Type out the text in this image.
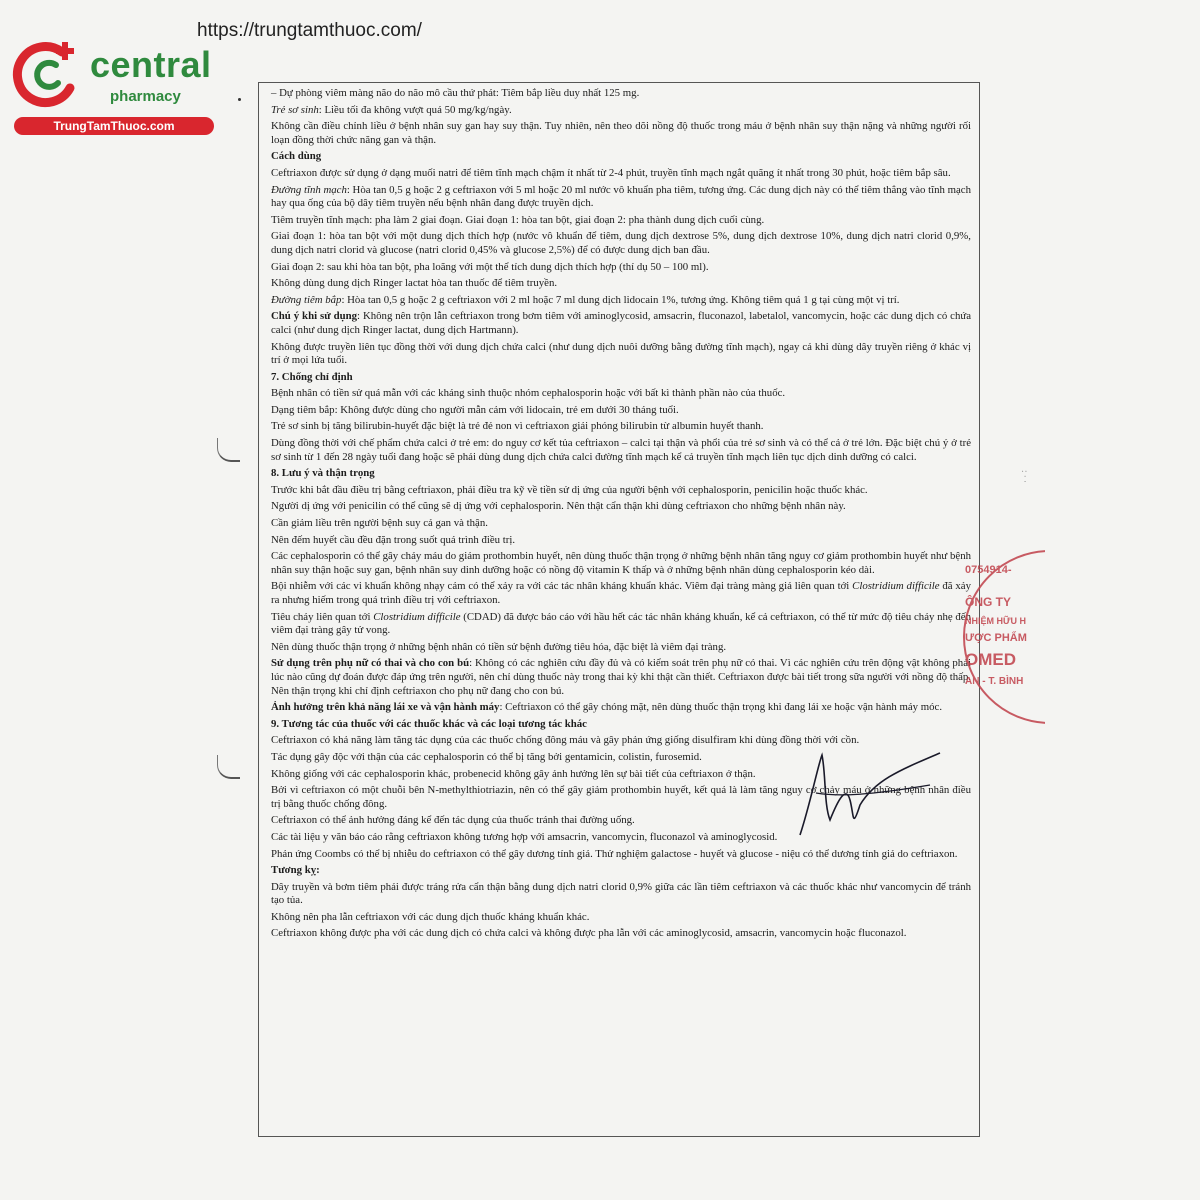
https://trungtamthuoc.com/
central
pharmacy
TrungTamThuoc.com

– Dự phòng viêm màng não do não mô cầu thứ phát: Tiêm bắp liều duy nhất 125 mg.

Trẻ sơ sinh: Liều tối đa không vượt quá 50 mg/kg/ngày.

Không cần điều chỉnh liều ở bệnh nhân suy gan hay suy thận. Tuy nhiên, nên theo dõi nồng độ thuốc trong máu ở bệnh nhân suy thận nặng và những người rối loạn đồng thời chức năng gan và thận.

Cách dùng

Ceftriaxon được sử dụng ở dạng muối natri để tiêm tĩnh mạch chậm ít nhất từ 2-4 phút, truyền tĩnh mạch ngắt quãng ít nhất trong 30 phút, hoặc tiêm bắp sâu.

Đường tĩnh mạch: Hòa tan 0,5 g hoặc 2 g ceftriaxon với 5 ml hoặc 20 ml nước vô khuẩn pha tiêm, tương ứng. Các dung dịch này có thể tiêm thẳng vào tĩnh mạch hay qua ống của bộ dây tiêm truyền nếu bệnh nhân đang được truyền dịch.

Tiêm truyền tĩnh mạch: pha làm 2 giai đoạn. Giai đoạn 1: hòa tan bột, giai đoạn 2: pha thành dung dịch cuối cùng.

Giai đoạn 1: hòa tan bột với một dung dịch thích hợp (nước vô khuẩn để tiêm, dung dịch dextrose 5%, dung dịch dextrose 10%, dung dịch natri clorid 0,9%, dung dịch natri clorid và glucose (natri clorid 0,45% và glucose 2,5%) để có được dung dịch ban đầu.

Giai đoạn 2: sau khi hòa tan bột, pha loãng với một thể tích dung dịch thích hợp (thí dụ 50 – 100 ml).

Không dùng dung dịch Ringer lactat hòa tan thuốc để tiêm truyền.

Đường tiêm bắp: Hòa tan 0,5 g hoặc 2 g ceftriaxon với 2 ml hoặc 7 ml dung dịch lidocain 1%, tương ứng. Không tiêm quá 1 g tại cùng một vị trí.

Chú ý khi sử dụng: Không nên trộn lẫn ceftriaxon trong bơm tiêm với aminoglycosid, amsacrin, fluconazol, labetalol, vancomycin, hoặc các dung dịch có chứa calci (như dung dịch Ringer lactat, dung dịch Hartmann).

Không được truyền liên tục đồng thời với dung dịch chứa calci (như dung dịch nuôi dưỡng bằng đường tĩnh mạch), ngay cả khi dùng dây truyền riêng ở khác vị trí ở mọi lứa tuổi.

7. Chống chỉ định

Bệnh nhân có tiền sử quá mẫn với các kháng sinh thuộc nhóm cephalosporin hoặc với bất kì thành phần nào của thuốc.

Dạng tiêm bắp: Không được dùng cho người mẫn cảm với lidocain, trẻ em dưới 30 tháng tuổi.

Trẻ sơ sinh bị tăng bilirubin-huyết đặc biệt là trẻ đẻ non vì ceftriaxon giải phóng bilirubin từ albumin huyết thanh.

Dùng đồng thời với chế phẩm chứa calci ở trẻ em: do nguy cơ kết tủa ceftriaxon – calci tại thận và phổi của trẻ sơ sinh và có thể cả ở trẻ lớn. Đặc biệt chú ý ở trẻ sơ sinh từ 1 đến 28 ngày tuổi đang hoặc sẽ phải dùng dung dịch chứa calci đường tĩnh mạch kể cả truyền tĩnh mạch liên tục dịch dinh dưỡng có calci.

8. Lưu ý và thận trọng

Trước khi bắt đầu điều trị bằng ceftriaxon, phải điều tra kỹ về tiền sử dị ứng của người bệnh với cephalosporin, penicilin hoặc thuốc khác.

Người dị ứng với penicilin có thể cũng sẽ dị ứng với cephalosporin. Nên thật cẩn thận khi dùng ceftriaxon cho những bệnh nhân này.

Cần giảm liều trên người bệnh suy cả gan và thận.

Nên đếm huyết cầu đều đặn trong suốt quá trình điều trị.

Các cephalosporin có thể gây chảy máu do giảm prothombin huyết, nên dùng thuốc thận trọng ở những bệnh nhân tăng nguy cơ giảm prothombin huyết như bệnh nhân suy thận hoặc suy gan, bệnh nhân suy dinh dưỡng hoặc có nồng độ vitamin K thấp và ở những bệnh nhân dùng cephalosporin kéo dài.

Bội nhiễm với các vi khuẩn không nhạy cảm có thể xảy ra với các tác nhân kháng khuẩn khác. Viêm đại tràng màng giả liên quan tới Clostridium difficile đã xảy ra nhưng hiếm trong quá trình điều trị với ceftriaxon.

Tiêu chảy liên quan tới Clostridium difficile (CDAD) đã được báo cáo với hầu hết các tác nhân kháng khuẩn, kể cả ceftriaxon, có thể từ mức độ tiêu chảy nhẹ đến viêm đại tràng gây tử vong.

Nên dùng thuốc thận trọng ở những bệnh nhân có tiền sử bệnh đường tiêu hóa, đặc biệt là viêm đại tràng.

Sử dụng trên phụ nữ có thai và cho con bú: Không có các nghiên cứu đầy đủ và có kiểm soát trên phụ nữ có thai. Vì các nghiên cứu trên động vật không phải lúc nào cũng dự đoán được đáp ứng trên người, nên chỉ dùng thuốc này trong thai kỳ khi thật cần thiết. Ceftriaxon được bài tiết trong sữa người với nồng độ thấp. Nên thận trọng khi chỉ định ceftriaxon cho phụ nữ đang cho con bú.

Ảnh hưởng trên khả năng lái xe và vận hành máy: Ceftriaxon có thể gây chóng mặt, nên dùng thuốc thận trọng khi đang lái xe hoặc vận hành máy móc.

9. Tương tác của thuốc với các thuốc khác và các loại tương tác khác

Ceftriaxon có khả năng làm tăng tác dụng của các thuốc chống đông máu và gây phản ứng giống disulfiram khi dùng đồng thời với cồn.

Tác dụng gây độc với thận của các cephalosporin có thể bị tăng bởi gentamicin, colistin, furosemid.

Không giống với các cephalosporin khác, probenecid không gây ảnh hưởng lên sự bài tiết của ceftriaxon ở thận.

Bởi vì ceftriaxon có một chuỗi bên N-methylthiotriazin, nên có thể gây giảm prothombin huyết, kết quả là làm tăng nguy cơ chảy máu ở những bệnh nhân điều trị bằng thuốc chống đông.

Ceftriaxon có thể ảnh hưởng đáng kể đến tác dụng của thuốc tránh thai đường uống.

Các tài liệu y văn báo cáo rằng ceftriaxon không tương hợp với amsacrin, vancomycin, fluconazol và aminoglycosid.

Phản ứng Coombs có thể bị nhiễu do ceftriaxon có thể gây dương tính giả. Thử nghiệm galactose - huyết và glucose - niệu có thể dương tính giả do ceftriaxon.

Tương kỵ:

Dây truyền và bơm tiêm phải được tráng rửa cẩn thận bằng dung dịch natri clorid 0,9% giữa các lần tiêm ceftriaxon và các thuốc khác như vancomycin để tránh tạo tủa.

Không nên pha lẫn ceftriaxon với các dung dịch thuốc kháng khuẩn khác.

Ceftriaxon không được pha với các dung dịch có chứa calci và không được pha lẫn với các aminoglycosid, amsacrin, vancomycin hoặc fluconazol.

0754914-
ÔNG TY
NHIỆM HỮU H
ƯỢC PHẨM
OMED
AN - T. BÌNH
: · ·
